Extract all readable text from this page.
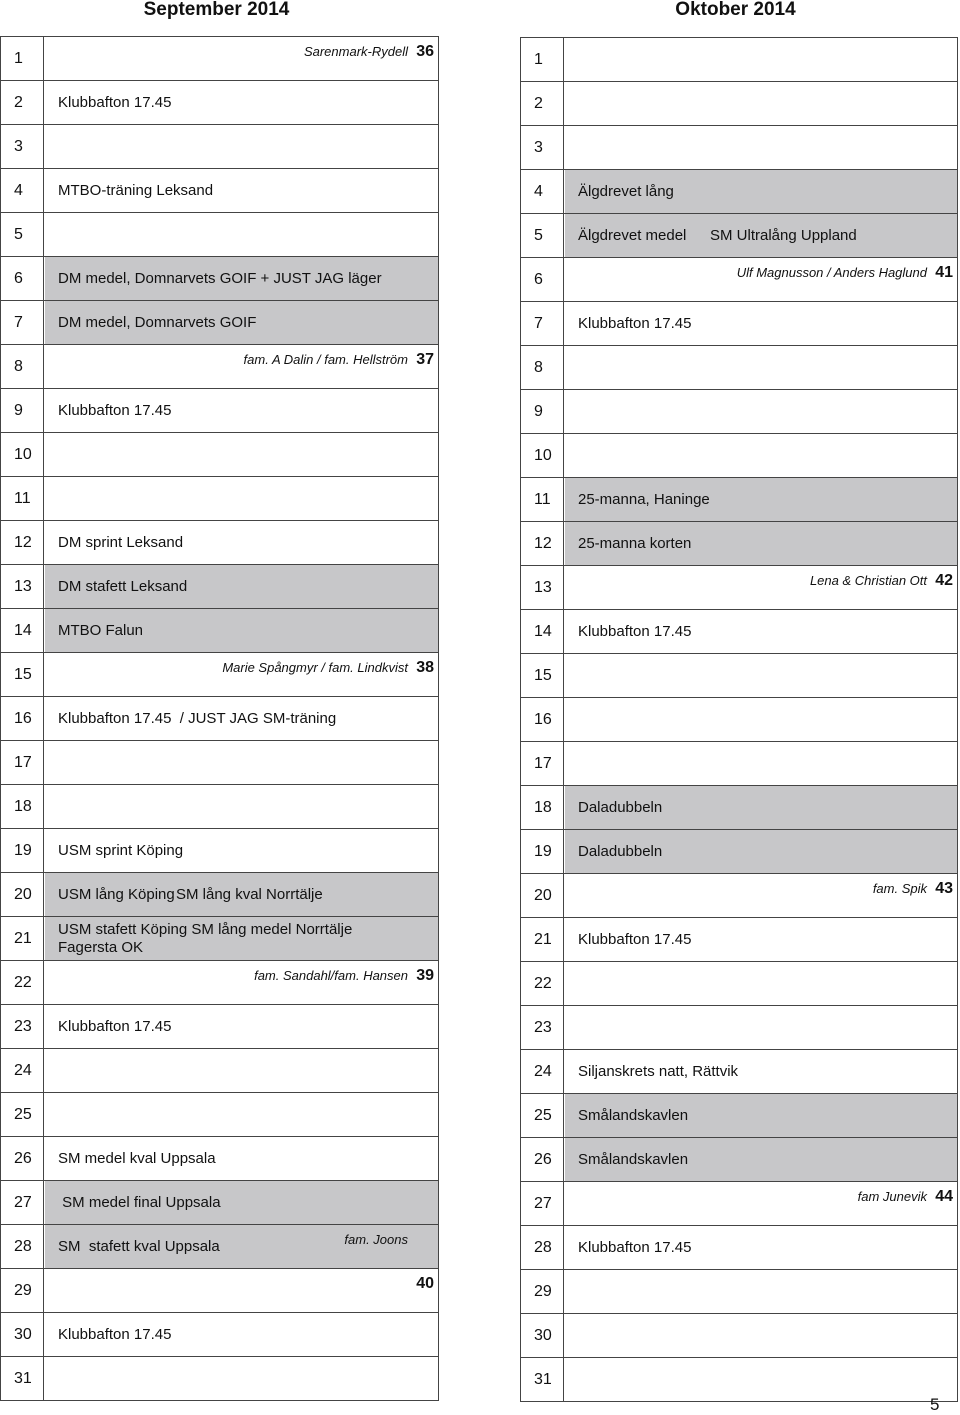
September 2014	Oktober 2014
1	Sarenmark-Rydell 36
2	Klubbafton 17.45
3
4	MTBO-träning Leksand
5
6	DM medel, Domnarvets GOIF + JUST JAG läger
7	DM medel, Domnarvets GOIF
8	fam. A Dalin / fam. Hellström 37
9	Klubbafton 17.45
10
11
12	DM sprint Leksand
13	DM stafett Leksand
14	MTBO Falun
15	Marie Spångmyr / fam. Lindkvist 38
16	Klubbafton 17.45  / JUST JAG SM-träning
17
18
19	USM sprint Köping
20	USM lång Köping SM lång kval Norrtälje
21	USM stafett Köping SM lång medel Norrtälje
Fagersta OK
22	fam. Sandahl/fam. Hansen 39
23	Klubbafton 17.45
24
25
26	SM medel kval Uppsala
27	SM medel final Uppsala
28	SM  stafett kval Uppsala	fam. Joons
29	40
30	Klubbafton 17.45
31
1
2
3
4	Älgdrevet lång
5	Älgdrevet medel SM Ultralång Uppland
6	Ulf Magnusson / Anders Haglund 41
7	Klubbafton 17.45
8
9
10
11	25-manna, Haninge
12	25-manna korten
13	Lena & Christian Ott 42
14	Klubbafton 17.45
15
16
17
18	Daladubbeln
19	Daladubbeln
20	fam. Spik 43
21	Klubbafton 17.45
22
23
24	Siljanskrets natt, Rättvik
25	Smålandskavlen
26	Smålandskavlen
27	fam Junevik 44
28	Klubbafton 17.45
29
30
31
5
